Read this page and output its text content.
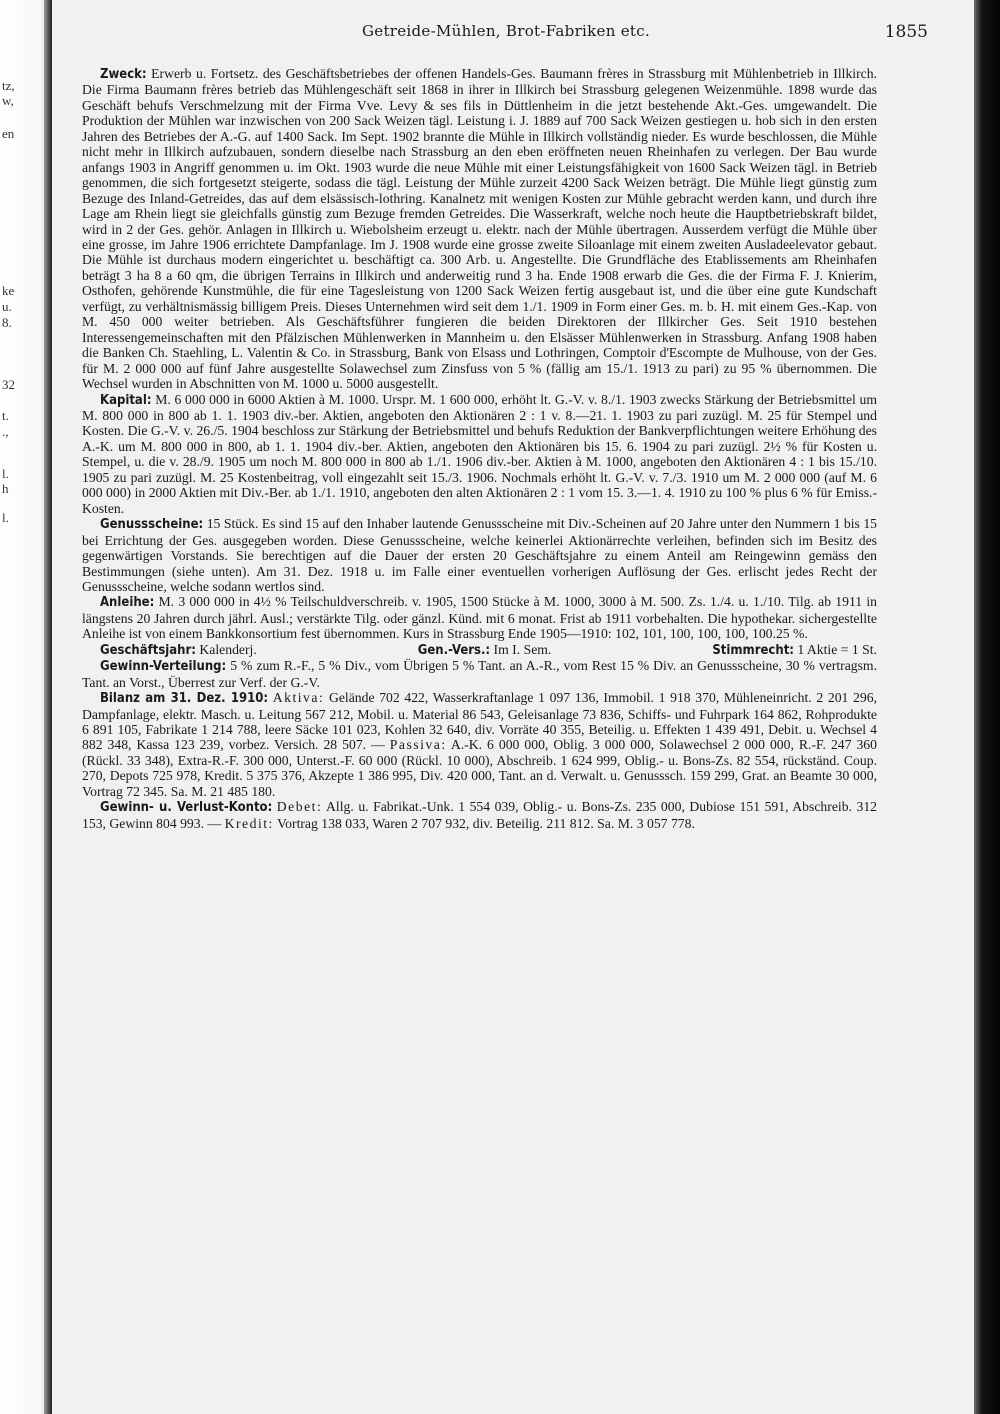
tz,
w,
en
ke
u.
8.
32
t.
.,
l.
h
l.
Getreide-Mühlen, Brot-Fabriken etc.	1855

Zweck: Erwerb u. Fortsetz. des Geschäftsbetriebes der offenen Handels-Ges. Baumann frères in Strassburg mit Mühlenbetrieb in Illkirch. Die Firma Baumann frères betrieb das Mühlengeschäft seit 1868 in ihrer in Illkirch bei Strassburg gelegenen Weizenmühle. 1898 wurde das Geschäft behufs Verschmelzung mit der Firma Vve. Levy & ses fils in Düttlenheim in die jetzt bestehende Akt.-Ges. umgewandelt. Die Produktion der Mühlen war inzwischen von 200 Sack Weizen tägl. Leistung i. J. 1889 auf 700 Sack Weizen gestiegen u. hob sich in den ersten Jahren des Betriebes der A.-G. auf 1400 Sack. Im Sept. 1902 brannte die Mühle in Illkirch vollständig nieder. Es wurde beschlossen, die Mühle nicht mehr in Illkirch aufzubauen, sondern dieselbe nach Strassburg an den eben eröffneten neuen Rheinhafen zu verlegen. Der Bau wurde anfangs 1903 in Angriff genommen u. im Okt. 1903 wurde die neue Mühle mit einer Leistungsfähigkeit von 1600 Sack Weizen tägl. in Betrieb genommen, die sich fortgesetzt steigerte, sodass die tägl. Leistung der Mühle zurzeit 4200 Sack Weizen beträgt. Die Mühle liegt günstig zum Bezuge des Inland-Getreides, das auf dem elsässisch-lothring. Kanalnetz mit wenigen Kosten zur Mühle gebracht werden kann, und durch ihre Lage am Rhein liegt sie gleichfalls günstig zum Bezuge fremden Getreides. Die Wasserkraft, welche noch heute die Hauptbetriebskraft bildet, wird in 2 der Ges. gehör. Anlagen in Illkirch u. Wiebolsheim erzeugt u. elektr. nach der Mühle übertragen. Ausserdem verfügt die Mühle über eine grosse, im Jahre 1906 errichtete Dampfanlage. Im J. 1908 wurde eine grosse zweite Siloanlage mit einem zweiten Ausladeelevator gebaut. Die Mühle ist durchaus modern eingerichtet u. beschäftigt ca. 300 Arb. u. Angestellte. Die Grundfläche des Etablissements am Rheinhafen beträgt 3 ha 8 a 60 qm, die übrigen Terrains in Illkirch und anderweitig rund 3 ha. Ende 1908 erwarb die Ges. die der Firma F. J. Knierim, Osthofen, gehörende Kunstmühle, die für eine Tagesleistung von 1200 Sack Weizen fertig ausgebaut ist, und die über eine gute Kundschaft verfügt, zu verhältnismässig billigem Preis. Dieses Unternehmen wird seit dem 1./1. 1909 in Form einer Ges. m. b. H. mit einem Ges.-Kap. von M. 450 000 weiter betrieben. Als Geschäftsführer fungieren die beiden Direktoren der Illkircher Ges. Seit 1910 bestehen Interessengemeinschaften mit den Pfälzischen Mühlenwerken in Mannheim u. den Elsässer Mühlenwerken in Strassburg. Anfang 1908 haben die Banken Ch. Staehling, L. Valentin & Co. in Strassburg, Bank von Elsass und Lothringen, Comptoir d'Escompte de Mulhouse, von der Ges. für M. 2 000 000 auf fünf Jahre ausgestellte Solawechsel zum Zinsfuss von 5 % (fällig am 15./1. 1913 zu pari) zu 95 % übernommen. Die Wechsel wurden in Abschnitten von M. 1000 u. 5000 ausgestellt.

Kapital: M. 6 000 000 in 6000 Aktien à M. 1000. Urspr. M. 1 600 000, erhöht lt. G.-V. v. 8./1. 1903 zwecks Stärkung der Betriebsmittel um M. 800 000 in 800 ab 1. 1. 1903 div.-ber. Aktien, angeboten den Aktionären 2 : 1 v. 8.—21. 1. 1903 zu pari zuzügl. M. 25 für Stempel und Kosten. Die G.-V. v. 26./5. 1904 beschloss zur Stärkung der Betriebsmittel und behufs Reduktion der Bankverpflichtungen weitere Erhöhung des A.-K. um M. 800 000 in 800, ab 1. 1. 1904 div.-ber. Aktien, angeboten den Aktionären bis 15. 6. 1904 zu pari zuzügl. 2½ % für Kosten u. Stempel, u. die v. 28./9. 1905 um noch M. 800 000 in 800 ab 1./1. 1906 div.-ber. Aktien à M. 1000, angeboten den Aktionären 4 : 1 bis 15./10. 1905 zu pari zuzügl. M. 25 Kostenbeitrag, voll eingezahlt seit 15./3. 1906. Nochmals erhöht lt. G.-V. v. 7./3. 1910 um M. 2 000 000 (auf M. 6 000 000) in 2000 Aktien mit Div.-Ber. ab 1./1. 1910, angeboten den alten Aktionären 2 : 1 vom 15. 3.—1. 4. 1910 zu 100 % plus 6 % für Emiss.-Kosten.

Genussscheine: 15 Stück. Es sind 15 auf den Inhaber lautende Genussscheine mit Div.-Scheinen auf 20 Jahre unter den Nummern 1 bis 15 bei Errichtung der Ges. ausgegeben worden. Diese Genussscheine, welche keinerlei Aktionärrechte verleihen, befinden sich im Besitz des gegenwärtigen Vorstands. Sie berechtigen auf die Dauer der ersten 20 Geschäftsjahre zu einem Anteil am Reingewinn gemäss den Bestimmungen (siehe unten). Am 31. Dez. 1918 u. im Falle einer eventuellen vorherigen Auflösung der Ges. erlischt jedes Recht der Genussscheine, welche sodann wertlos sind.

Anleihe: M. 3 000 000 in 4½ % Teilschuldverschreib. v. 1905, 1500 Stücke à M. 1000, 3000 à M. 500. Zs. 1./4. u. 1./10. Tilg. ab 1911 in längstens 20 Jahren durch jährl. Ausl.; verstärkte Tilg. oder gänzl. Künd. mit 6 monat. Frist ab 1911 vorbehalten. Die hypothekar. sichergestellte Anleihe ist von einem Bankkonsortium fest übernommen. Kurs in Strassburg Ende 1905—1910: 102, 101, 100, 100, 100, 100.25 %.

Geschäftsjahr: Kalenderj.	Gen.-Vers.: Im I. Sem.	Stimmrecht: 1 Aktie = 1 St.

Gewinn-Verteilung: 5 % zum R.-F., 5 % Div., vom Übrigen 5 % Tant. an A.-R., vom Rest 15 % Div. an Genussscheine, 30 % vertragsm. Tant. an Vorst., Überrest zur Verf. der G.-V.

Bilanz am 31. Dez. 1910: Aktiva: Gelände 702 422, Wasserkraftanlage 1 097 136, Immobil. 1 918 370, Mühleneinricht. 2 201 296, Dampfanlage, elektr. Masch. u. Leitung 567 212, Mobil. u. Material 86 543, Geleisanlage 73 836, Schiffs- und Fuhrpark 164 862, Rohprodukte 6 891 105, Fabrikate 1 214 788, leere Säcke 101 023, Kohlen 32 640, div. Vorräte 40 355, Beteilig. u. Effekten 1 439 491, Debit. u. Wechsel 4 882 348, Kassa 123 239, vorbez. Versich. 28 507. — Passiva: A.-K. 6 000 000, Oblig. 3 000 000, Solawechsel 2 000 000, R.-F. 247 360 (Rückl. 33 348), Extra-R.-F. 300 000, Unterst.-F. 60 000 (Rückl. 10 000), Abschreib. 1 624 999, Oblig.- u. Bons-Zs. 82 554, rückständ. Coup. 270, Depots 725 978, Kredit. 5 375 376, Akzepte 1 386 995, Div. 420 000, Tant. an d. Verwalt. u. Genusssch. 159 299, Grat. an Beamte 30 000, Vortrag 72 345. Sa. M. 21 485 180.

Gewinn- u. Verlust-Konto: Debet: Allg. u. Fabrikat.-Unk. 1 554 039, Oblig.- u. Bons-Zs. 235 000, Dubiose 151 591, Abschreib. 312 153, Gewinn 804 993. — Kredit: Vortrag 138 033, Waren 2 707 932, div. Beteilig. 211 812. Sa. M. 3 057 778.
